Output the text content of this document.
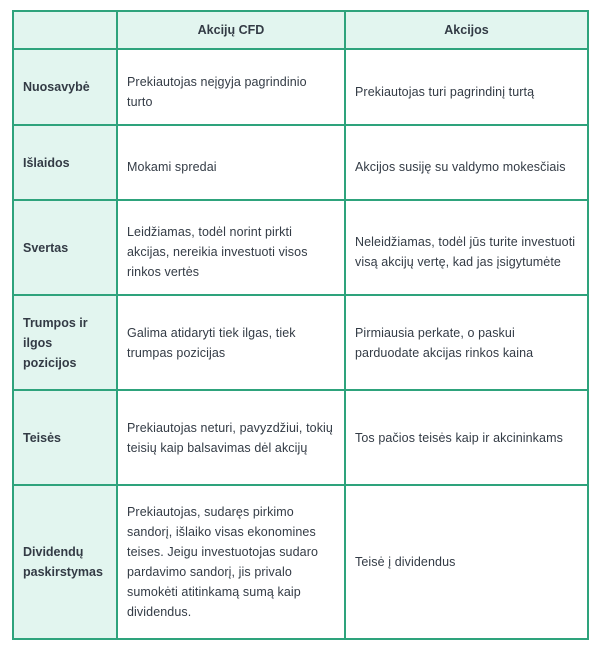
	Akcijų CFD	Akcijos
Nuosavybė	Prekiautojas neįgyja pagrindinio turto	Prekiautojas turi pagrindinį turtą
Išlaidos	Mokami spredai	Akcijos susiję su valdymo mokesčiais
Svertas	Leidžiamas, todėl norint pirkti akcijas, nereikia investuoti visos rinkos vertės	Neleidžiamas, todėl jūs turite investuoti visą akcijų vertę, kad jas įsigytumėte
Trumpos ir ilgos pozicijos	Galima atidaryti tiek ilgas, tiek trumpas pozicijas	Pirmiausia perkate, o paskui parduodate akcijas rinkos kaina
Teisės	Prekiautojas neturi, pavyzdžiui, tokių teisių kaip balsavimas dėl akcijų	Tos pačios teisės kaip ir akcininkams
Dividendų paskirstymas	Prekiautojas, sudaręs pirkimo sandorį, išlaiko visas ekonomines teises. Jeigu investuotojas sudaro pardavimo sandorį, jis privalo sumokėti atitinkamą sumą kaip dividendus.	Teisė į dividendus
